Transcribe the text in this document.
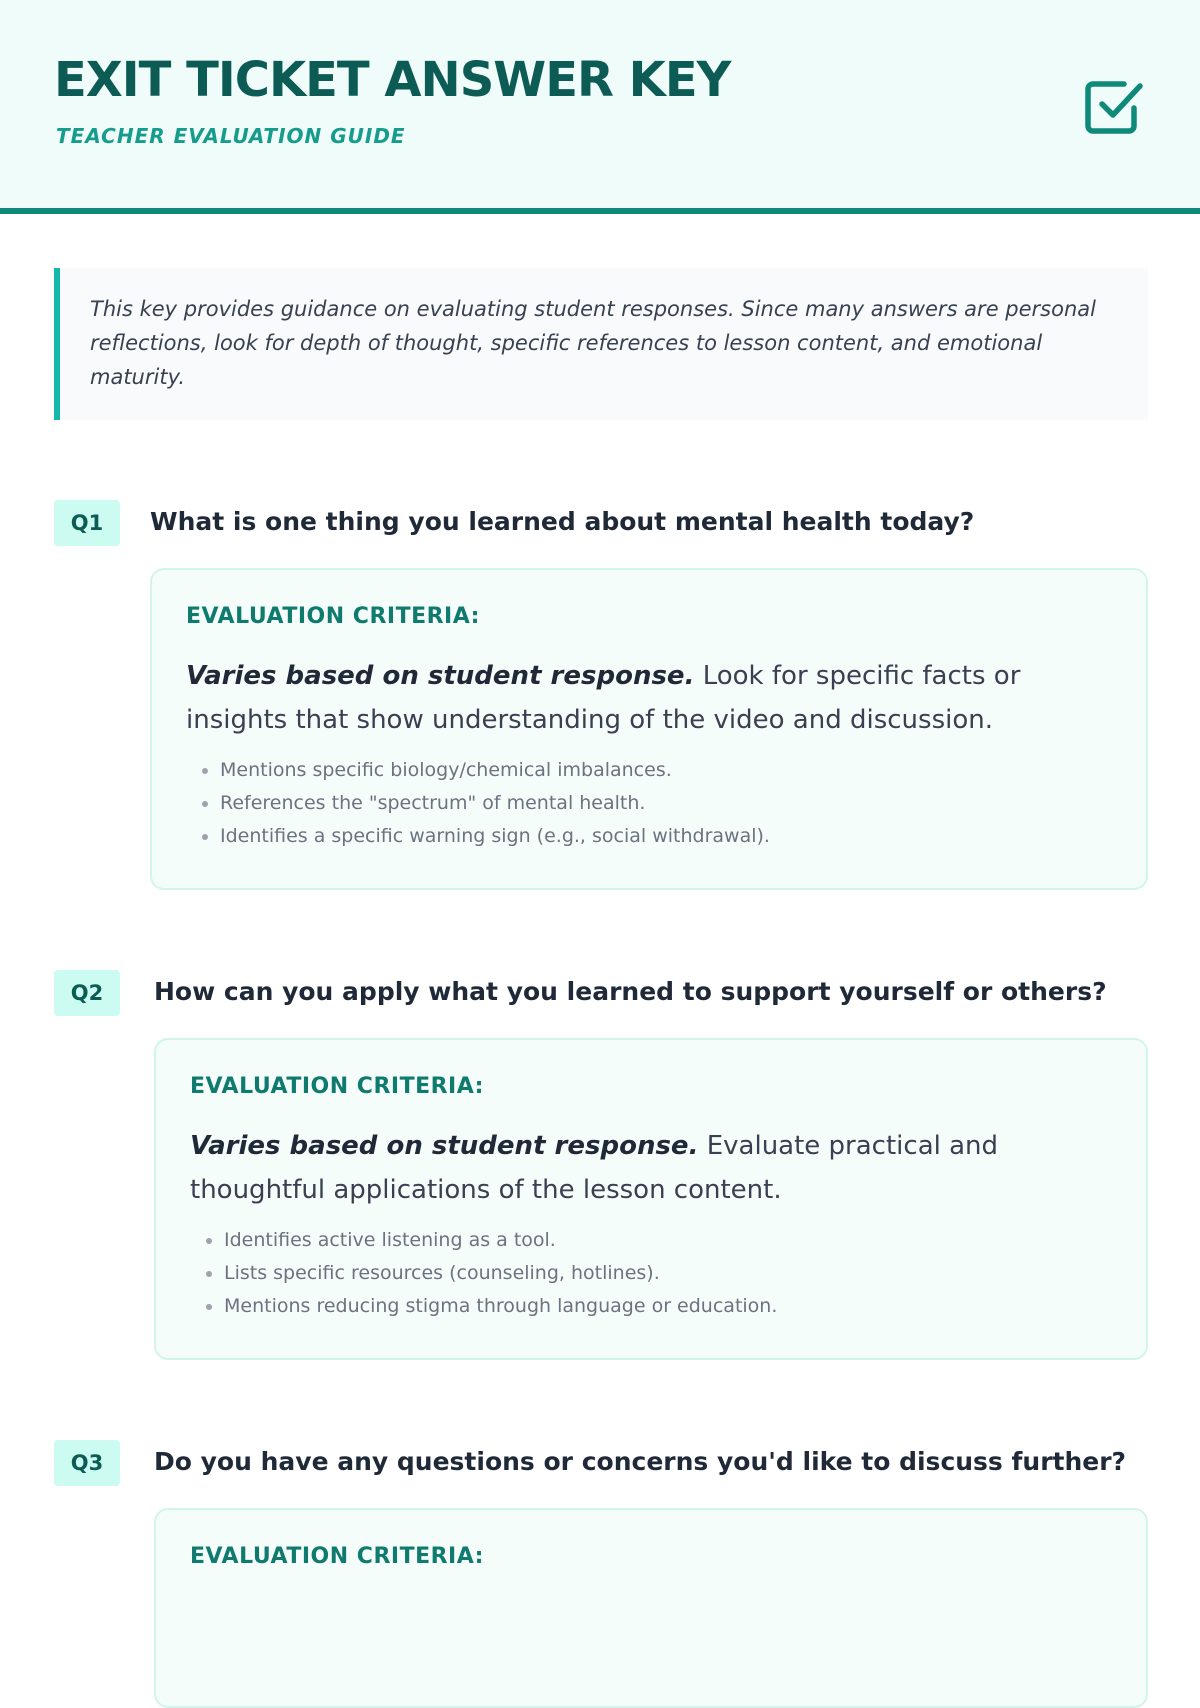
EXIT TICKET ANSWER KEY

TEACHER EVALUATION GUIDE

This key provides guidance on evaluating student responses. Since many answers are personal reflections, look for depth of thought, specific references to lesson content, and emotional maturity.
Q1	What is one thing you learned about mental health today?

EVALUATION CRITERIA:

Varies based on student response. Look for specific facts or insights that show understanding of the video and discussion.

• Mentions specific biology/chemical imbalances.
• References the "spectrum" of mental health.
• Identifies a specific warning sign (e.g., social withdrawal).
Q2	How can you apply what you learned to support yourself or others?

EVALUATION CRITERIA:

Varies based on student response. Evaluate practical and thoughtful applications of the lesson content.

• Identifies active listening as a tool.
• Lists specific resources (counseling, hotlines).
• Mentions reducing stigma through language or education.
Q3	Do you have any questions or concerns you'd like to discuss further?

EVALUATION CRITERIA:
